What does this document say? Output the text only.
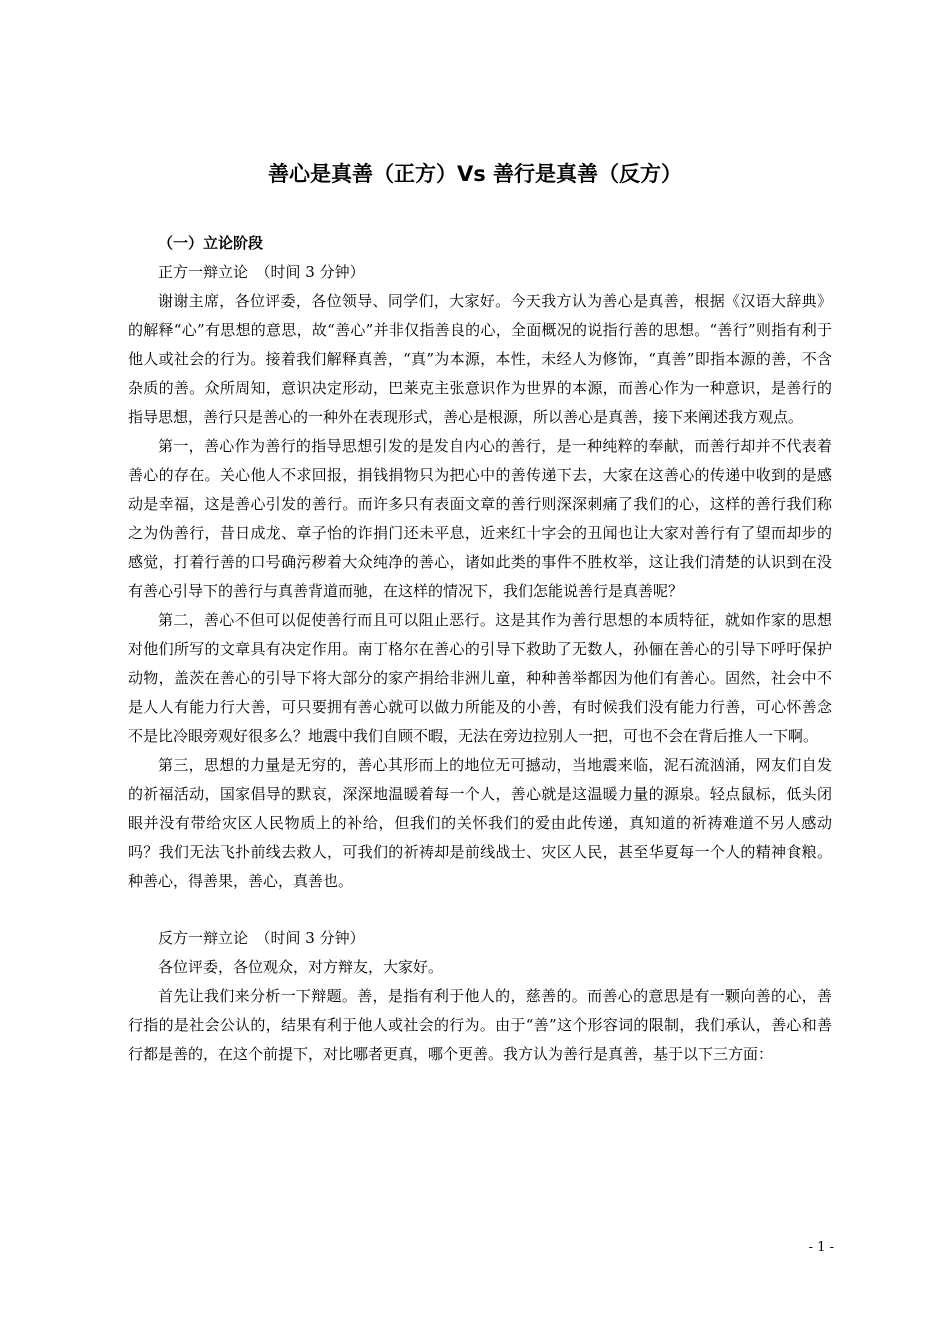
善心是真善（正方）Vs 善行是真善（反方）

（一）立论阶段

正方一辩立论　（时间 3 分钟）

谢谢主席，各位评委，各位领导、同学们，大家好。今天我方认为善心是真善，根据《汉语大辞典》的解释“心”有思想的意思，故“善心”并非仅指善良的心，全面概况的说指行善的思想。“善行”则指有利于他人或社会的行为。接着我们解释真善，“真”为本源，本性，未经人为修饰，“真善”即指本源的善，不含杂质的善。众所周知，意识决定形动，巴莱克主张意识作为世界的本源，而善心作为一种意识，是善行的指导思想，善行只是善心的一种外在表现形式，善心是根源，所以善心是真善，接下来阐述我方观点。

第一，善心作为善行的指导思想引发的是发自内心的善行，是一种纯粹的奉献，而善行却并不代表着善心的存在。关心他人不求回报，捐钱捐物只为把心中的善传递下去，大家在这善心的传递中收到的是感动是幸福，这是善心引发的善行。而许多只有表面文章的善行则深深刺痛了我们的心，这样的善行我们称之为伪善行，昔日成龙、章子怡的诈捐门还未平息，近来红十字会的丑闻也让大家对善行有了望而却步的感觉，打着行善的口号确污秽着大众纯净的善心，诸如此类的事件不胜枚举，这让我们清楚的认识到在没有善心引导下的善行与真善背道而驰，在这样的情况下，我们怎能说善行是真善呢？

第二，善心不但可以促使善行而且可以阻止恶行。这是其作为善行思想的本质特征，就如作家的思想对他们所写的文章具有决定作用。南丁格尔在善心的引导下救助了无数人，孙俪在善心的引导下呼吁保护动物，盖茨在善心的引导下将大部分的家产捐给非洲儿童，种种善举都因为他们有善心。固然，社会中不是人人有能力行大善，可只要拥有善心就可以做力所能及的小善，有时候我们没有能力行善，可心怀善念不是比冷眼旁观好很多么？地震中我们自顾不暇，无法在旁边拉别人一把，可也不会在背后推人一下啊。

第三，思想的力量是无穷的，善心其形而上的地位无可撼动，当地震来临，泥石流汹涌，网友们自发的祈福活动，国家倡导的默哀，深深地温暖着每一个人，善心就是这温暖力量的源泉。轻点鼠标，低头闭眼并没有带给灾区人民物质上的补给，但我们的关怀我们的爱由此传递，真知道的祈祷难道不另人感动吗？我们无法飞扑前线去救人，可我们的祈祷却是前线战士、灾区人民，甚至华夏每一个人的精神食粮。种善心，得善果，善心，真善也。

反方一辩立论　（时间 3 分钟）

各位评委，各位观众，对方辩友，大家好。

首先让我们来分析一下辩题。善，是指有利于他人的，慈善的。而善心的意思是有一颗向善的心，善行指的是社会公认的，结果有利于他人或社会的行为。由于“善”这个形容词的限制，我们承认，善心和善行都是善的，在这个前提下，对比哪者更真，哪个更善。我方认为善行是真善，基于以下三方面：

- 1 -
